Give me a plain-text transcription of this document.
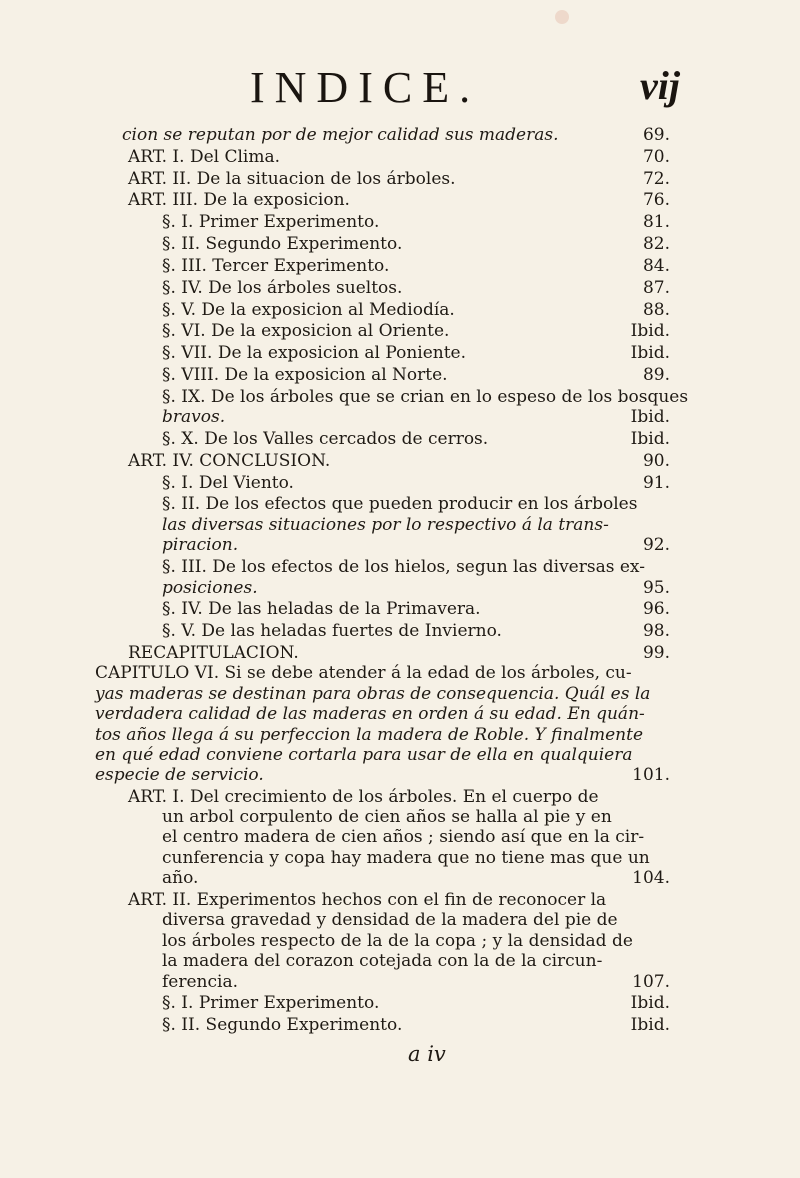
INDICE.	vij
cion se reputan por de mejor calidad sus maderas.	69.
ART. I. Del Clima.	70.
ART. II. De la situacion de los árboles.	72.
ART. III. De la exposicion.	76.
§. I. Primer Experimento.	81.
§. II. Segundo Experimento.	82.
§. III. Tercer Experimento.	84.
§. IV. De los árboles sueltos.	87.
§. V. De la exposicion al Mediodía.	88.
§. VI. De la exposicion al Oriente.	Ibid.
§. VII. De la exposicion al Poniente.	Ibid.
§. VIII. De la exposicion al Norte.	89.
§. IX. De los árboles que se crian en lo espeso de los bosques
bravos.	Ibid.
§. X. De los Valles cercados de cerros.	Ibid.
ART. IV. CONCLUSION.	90.
§. I. Del Viento.	91.
§. II. De los efectos que pueden producir en los árboles
las diversas situaciones por lo respectivo á la trans-
piracion.	92.
§. III. De los efectos de los hielos, segun las diversas ex-
posiciones.	95.
§. IV. De las heladas de la Primavera.	96.
§. V. De las heladas fuertes de Invierno.	98.
RECAPITULACION.	99.
CAPITULO VI. Si se debe atender á la edad de los árboles, cu-
yas maderas se destinan para obras de consequencia. Quál es la
verdadera calidad de las maderas en orden á su edad. En quán-
tos años llega á su perfeccion la madera de Roble. Y finalmente
en qué edad conviene cortarla para usar de ella en qualquiera
especie de servicio.	101.
ART. I. Del crecimiento de los árboles. En el cuerpo de
un arbol corpulento de cien años se halla al pie y en
el centro madera de cien años ; siendo así que en la cir-
cunferencia y copa hay madera que no tiene mas que un
año.	104.
ART. II. Experimentos hechos con el fin de reconocer la
diversa gravedad y densidad de la madera del pie de
los árboles respecto de la de la copa ; y la densidad de
la madera del corazon cotejada con la de la circun-
ferencia.	107.
§. I. Primer Experimento.	Ibid.
§. II. Segundo Experimento.	Ibid.
a iv
